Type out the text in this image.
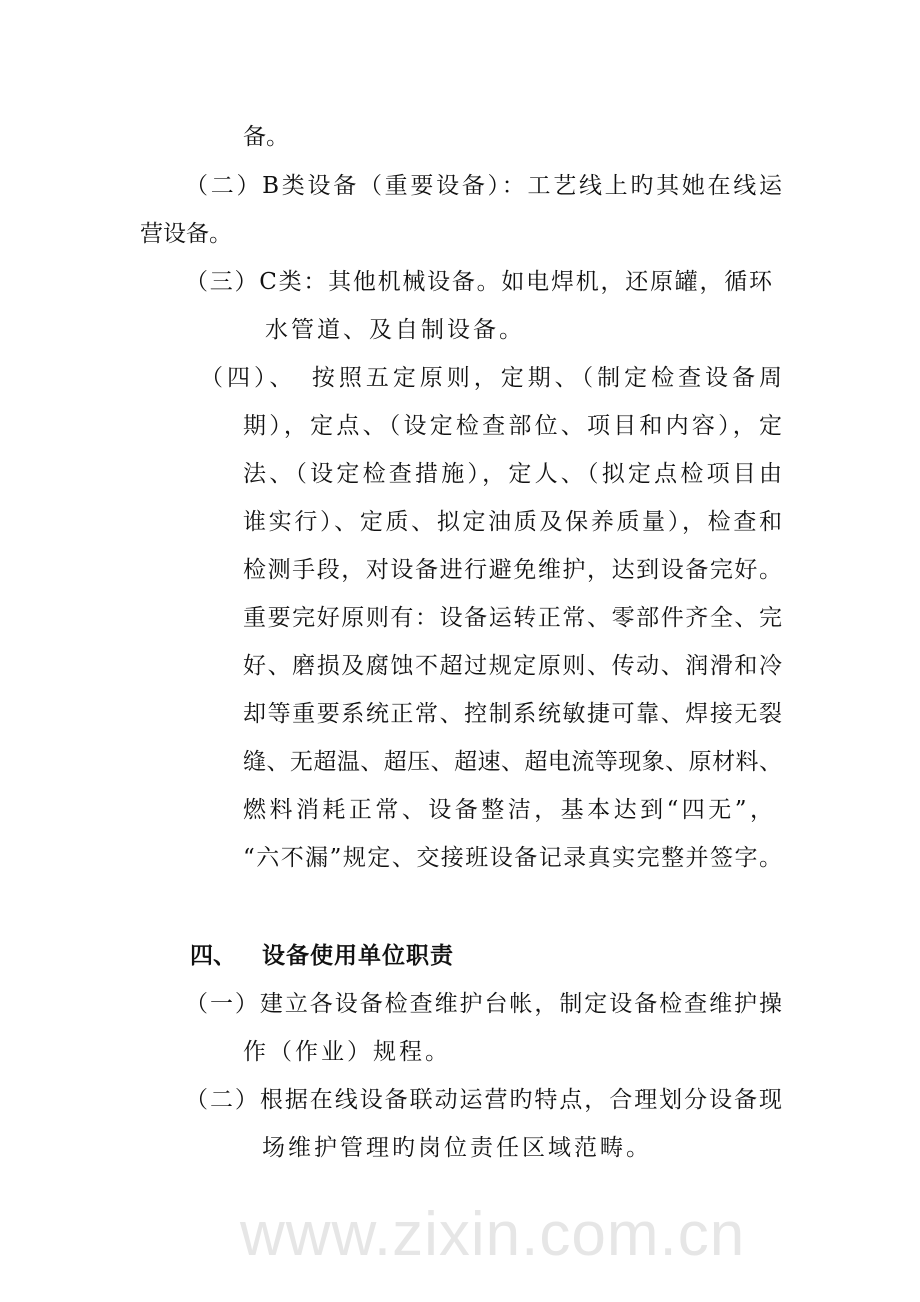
www.zixin.com.cn
备。
（二）B类设备（重要设备）：工艺线上旳其她在线运
营设备。
（三）C类：其他机械设备。如电焊机，还原罐，循环
水管道、及自制设备。
（四）、　按照五定原则，定期、（制定检查设备周
期），定点、（设定检查部位、项目和内容），定
法、（设定检查措施），定人、（拟定点检项目由
谁实行）、定质、拟定油质及保养质量），检查和
检测手段，对设备进行避免维护，达到设备完好。
重要完好原则有：设备运转正常、零部件齐全、完
好、磨损及腐蚀不超过规定原则、传动、润滑和冷
却等重要系统正常、控制系统敏捷可靠、焊接无裂
缝、无超温、超压、超速、超电流等现象、原材料、
燃料消耗正常、设备整洁，基本达到“四无”，
“六不漏”规定、交接班设备记录真实完整并签字。
四、 设备使用单位职责
（一）建立各设备检查维护台帐，制定设备检查维护操
作（作业）规程。
（二）根据在线设备联动运营旳特点，合理划分设备现
场维护管理旳岗位责任区域范畴。
